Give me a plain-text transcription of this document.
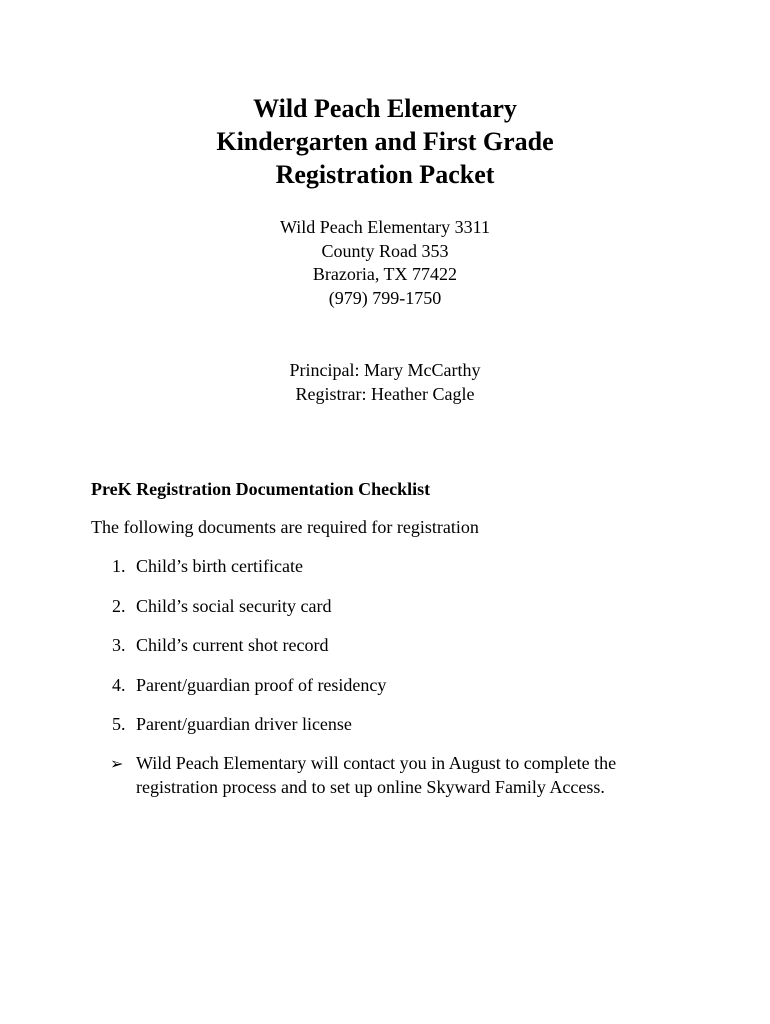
Wild Peach Elementary
Kindergarten and First Grade
Registration Packet
Wild Peach Elementary 3311
County Road 353
Brazoria, TX 77422
(979) 799-1750
Principal: Mary McCarthy
Registrar: Heather Cagle
PreK Registration Documentation Checklist
The following documents are required for registration
1. Child’s birth certificate
2. Child’s social security card
3. Child’s current shot record
4. Parent/guardian proof of residency
5. Parent/guardian driver license
➢ Wild Peach Elementary will contact you in August to complete the registration process and to set up online Skyward Family Access.
